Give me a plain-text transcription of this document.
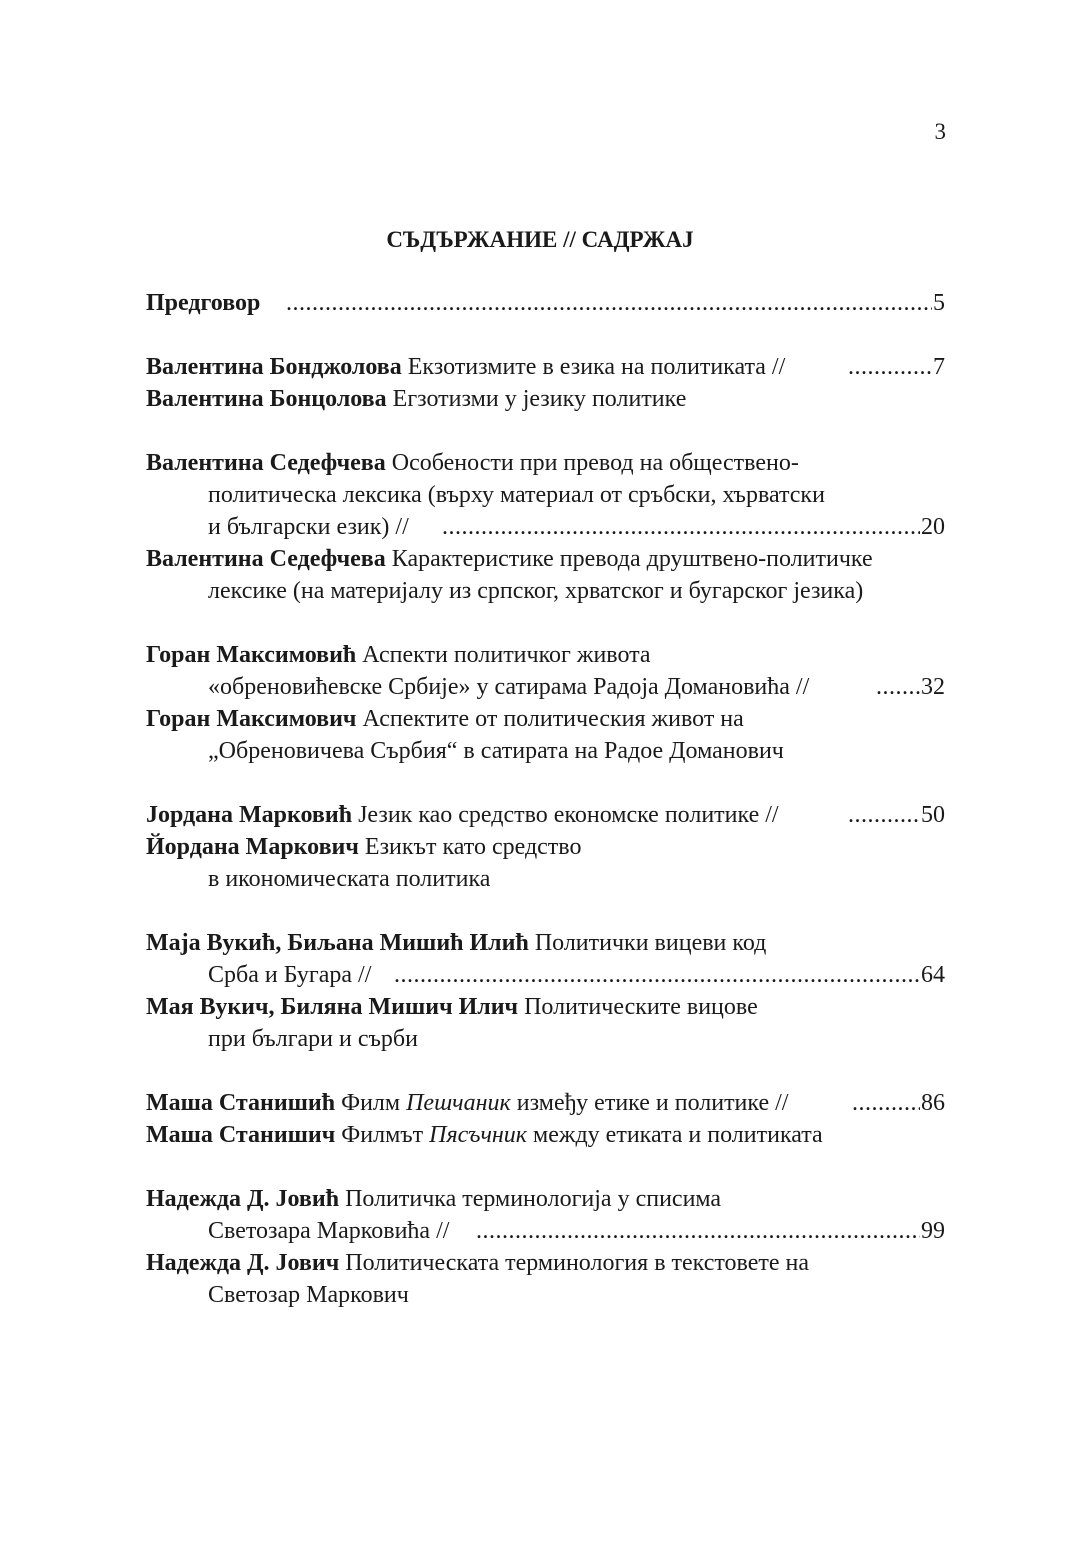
3
СЪДЪРЖАНИЕ // САДРЖАЈ
Предговор .....	5
Валентина Бонджолова Екзотизмите в езика на политиката // .....	7
Валентина Бонцолова Егзотизми у језику политике
Валентина Седефчева Особености при превод на обществено-
политическа лексика (върху материал от сръбски, хърватски
и български език) // .....	20
Валентина Седефчева Карактеристике превода друштвено-политичке
лексике (на материјалу из српског, хрватског и бугарског језика)
Горан Максимовић Аспекти политичког живота
«обреновићевске Србије» у сатирама Радоја Домановића // .....	32
Горан Максимович Аспектите от политическия живот на
„Обреновичева Сърбия“ в сатирата на Радое Доманович
Јордана Марковић Језик као средство економске политике // .....	50
Йордана Маркович Езикът като средство
в икономическата политика
Маја Вукић, Биљана Мишић Илић Политички вицеви код
Срба и Бугара // .....	64
Мая Вукич, Биляна Мишич Илич Политическите вицове
при българи и сърби
Маша Станишић Филм Пешчаник између етике и политике // .....	86
Маша Станишич Филмът Пясъчник между етиката и политиката
Надежда Д. Јовић Политичка терминологија у списима
Светозара Марковића // .....	99
Надежда Д. Јович Политическата терминология в текстовете на
Светозар Маркович
